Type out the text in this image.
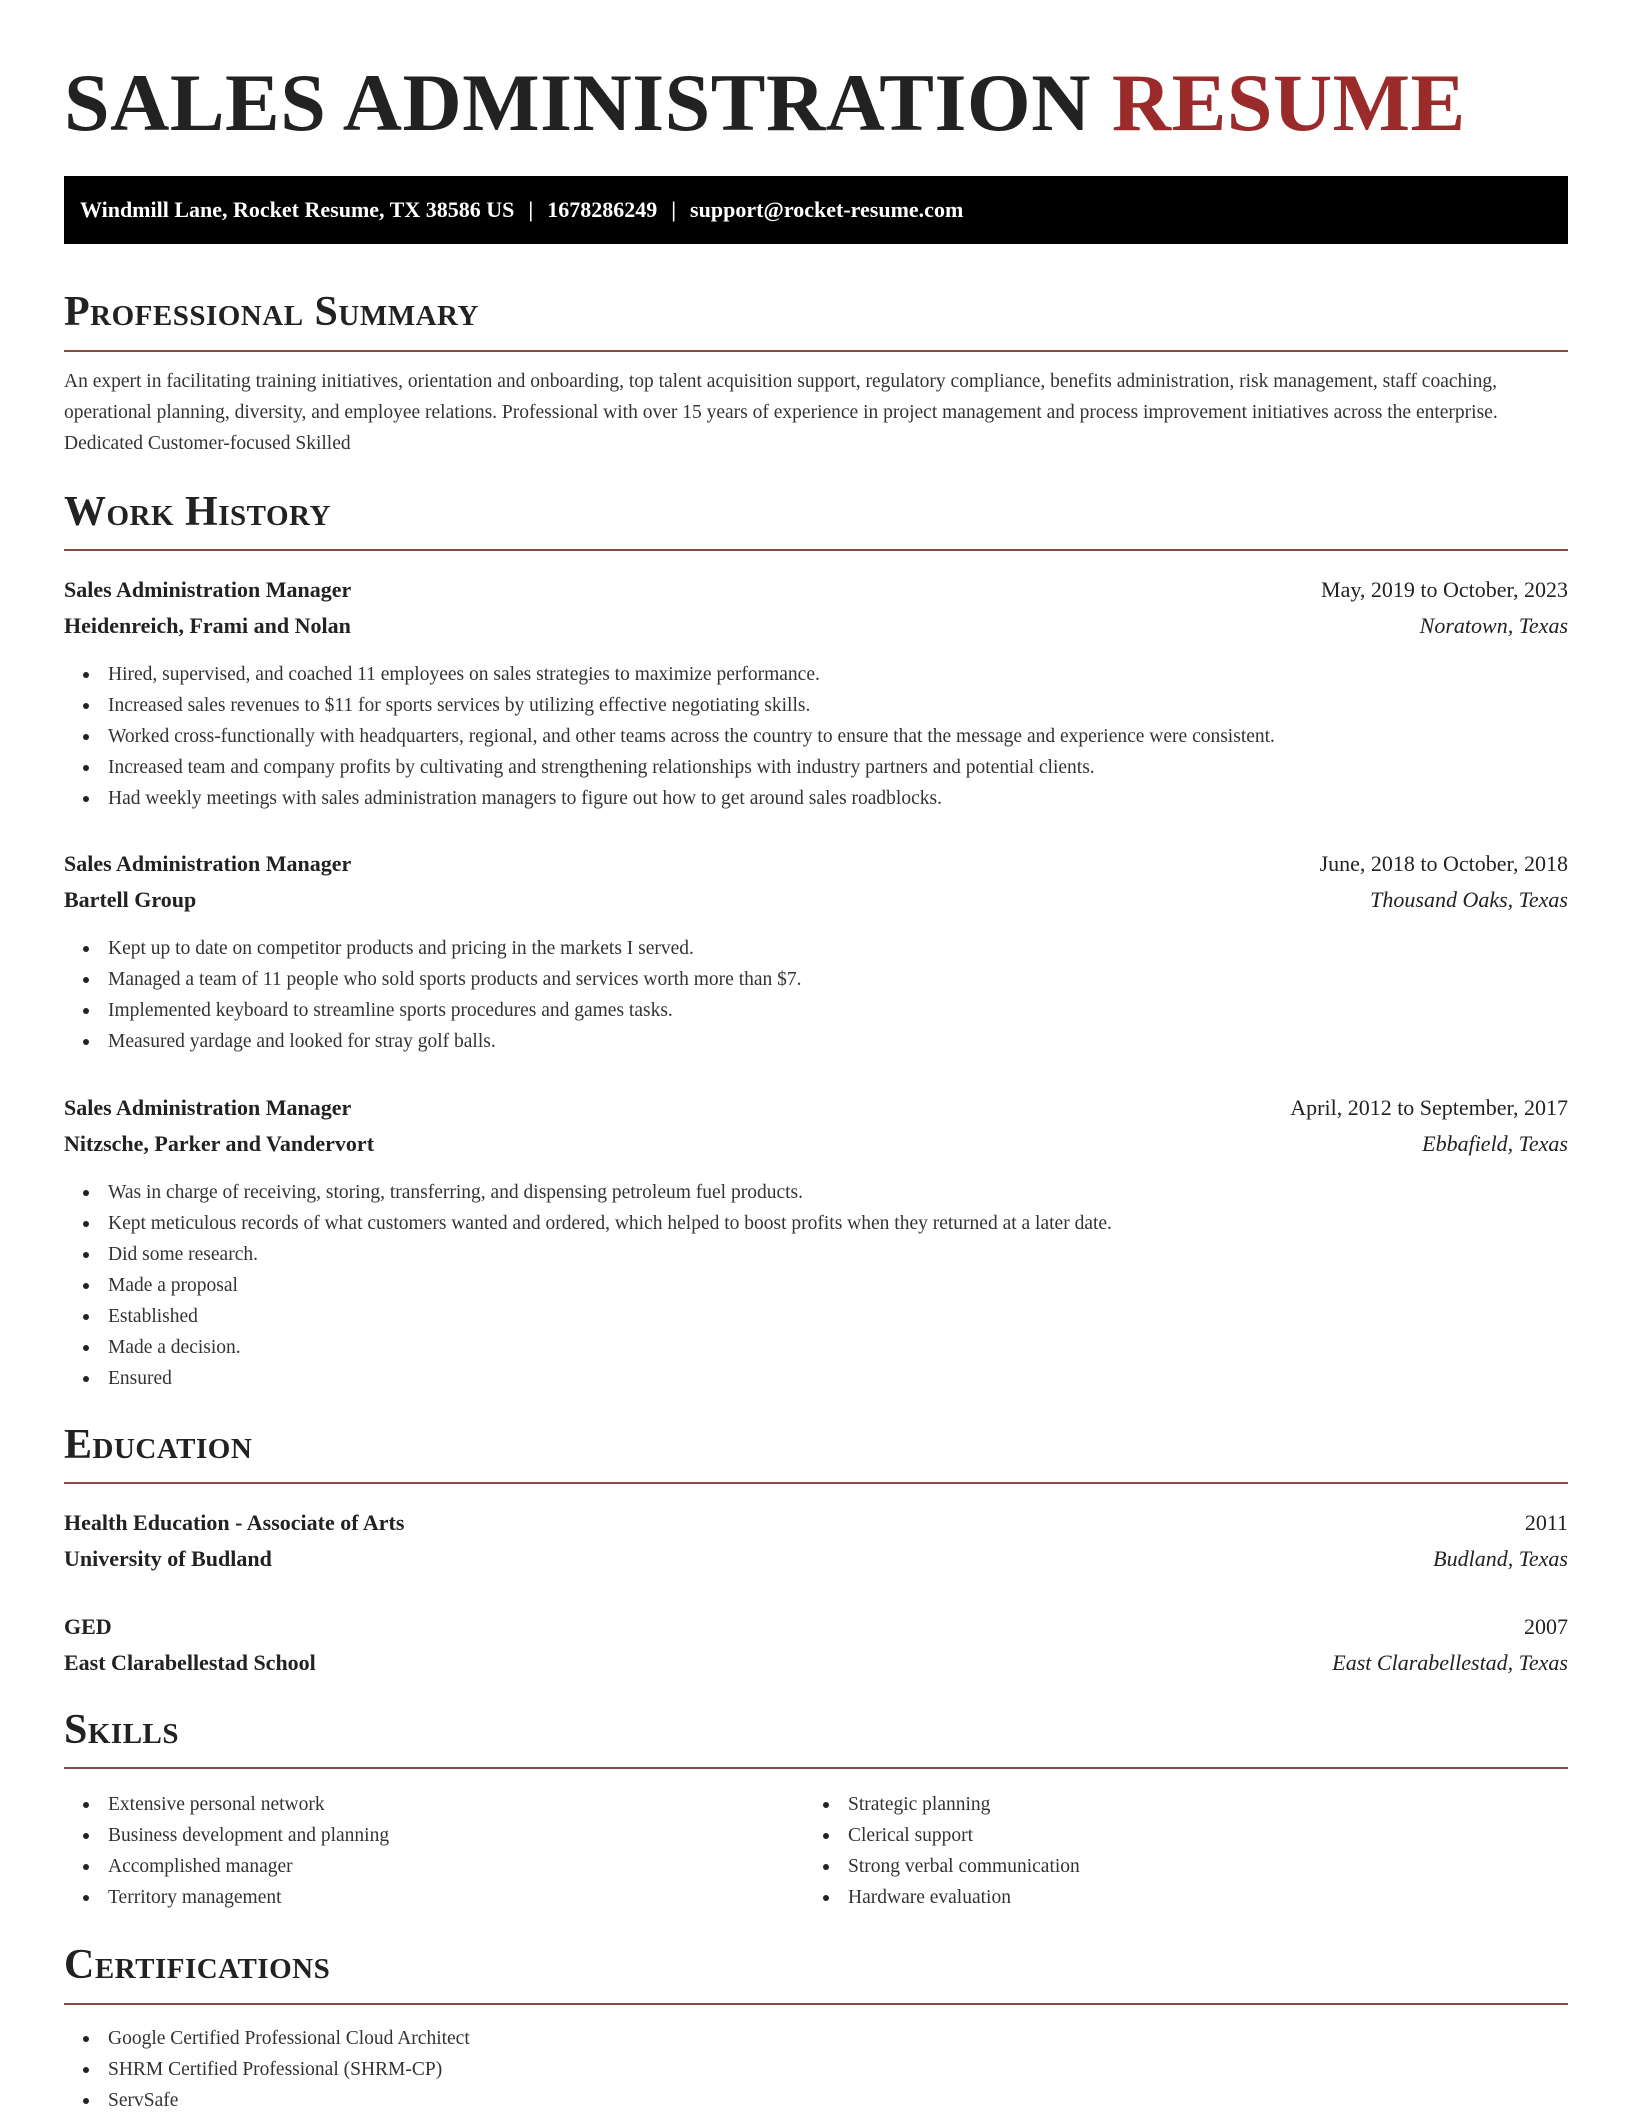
SALES ADMINISTRATION RESUME
Windmill Lane, Rocket Resume, TX 38586 US | 1678286249 | support@rocket-resume.com
Professional Summary

An expert in facilitating training initiatives, orientation and onboarding, top talent acquisition support, regulatory compliance, benefits administration, risk management, staff coaching, operational planning, diversity, and employee relations. Professional with over 15 years of experience in project management and process improvement initiatives across the enterprise. Dedicated Customer-focused Skilled

Work History
Sales Administration Manager	May, 2019 to October, 2023
Heidenreich, Frami and Nolan	Noratown, Texas
Hired, supervised, and coached 11 employees on sales strategies to maximize performance.
Increased sales revenues to $11 for sports services by utilizing effective negotiating skills.
Worked cross-functionally with headquarters, regional, and other teams across the country to ensure that the message and experience were consistent.
Increased team and company profits by cultivating and strengthening relationships with industry partners and potential clients.
Had weekly meetings with sales administration managers to figure out how to get around sales roadblocks.
Sales Administration Manager	June, 2018 to October, 2018
Bartell Group	Thousand Oaks, Texas
Kept up to date on competitor products and pricing in the markets I served.
Managed a team of 11 people who sold sports products and services worth more than $7.
Implemented keyboard to streamline sports procedures and games tasks.
Measured yardage and looked for stray golf balls.
Sales Administration Manager	April, 2012 to September, 2017
Nitzsche, Parker and Vandervort	Ebbafield, Texas
Was in charge of receiving, storing, transferring, and dispensing petroleum fuel products.
Kept meticulous records of what customers wanted and ordered, which helped to boost profits when they returned at a later date.
Did some research.
Made a proposal
Established
Made a decision.
Ensured
Education
Health Education - Associate of Arts	2011
University of Budland	Budland, Texas
GED	2007
East Clarabellestad School	East Clarabellestad, Texas
Skills
Extensive personal network
Business development and planning
Accomplished manager
Territory management
Strategic planning
Clerical support
Strong verbal communication
Hardware evaluation
Certifications
Google Certified Professional Cloud Architect
SHRM Certified Professional (SHRM-CP)
ServSafe
